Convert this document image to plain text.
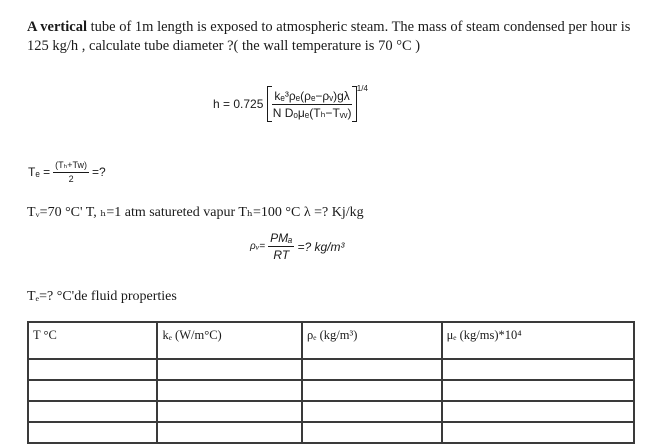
A vertical tube of 1m length is exposed to atmospheric steam. The mass of steam condensed per hour is 125 kg/h , calculate tube diameter ?( the wall temperature is 70 °C )
$h = 0.725 \frac{\text{kₑ³ρₑ(ρₑ−ρᵥ)gλ}}{\text{N Dₒμₑ(Tₕ−Tᵥᵥ)}} ^{1/4}$
$T_e = \frac{\text{(Tₕ+Tw)}}{2}$ =?
Tᵥ=70 °C' T, ₕ=1 atm satureted vapur Tₕ=100 °C λ =? Kj/kg
ρᵥ= $\frac{\text{PMₐ}}{RT}$ =? kg/m³
Tₑ=? °C'de fluid properties
T °C	kₑ (W/m°C)	ρₑ (kg/m³)	μₑ (kg/ms)*10⁴
